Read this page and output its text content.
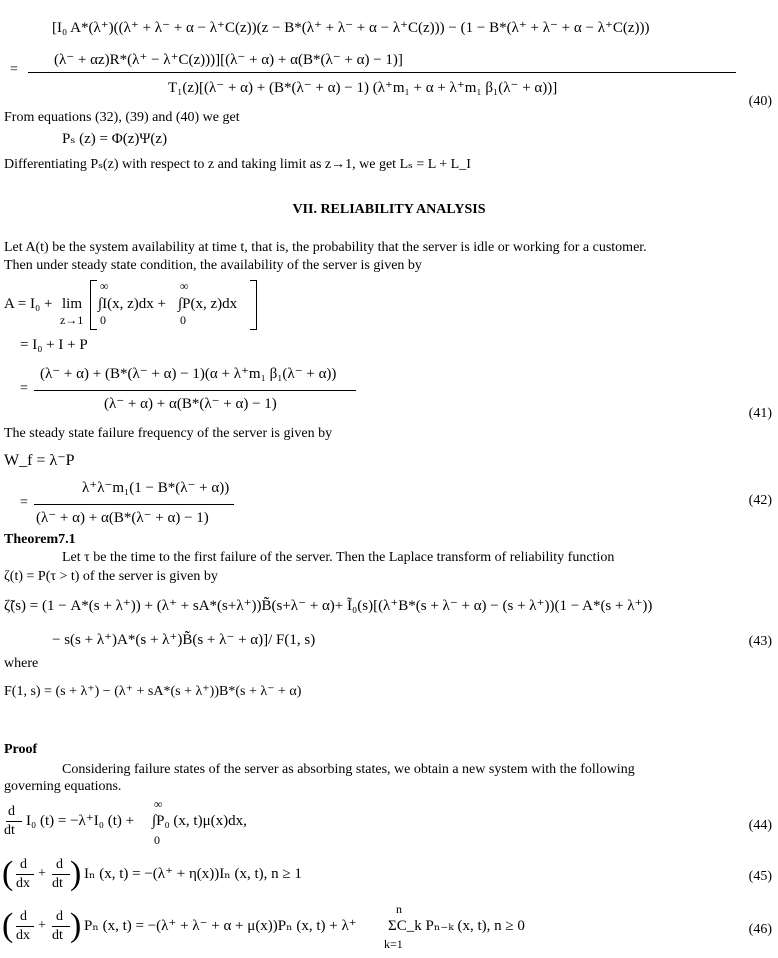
[I₀ A*(λ⁺)((λ⁺ + λ⁻ + α − λ⁺C(z))(z − B*(λ⁺ + λ⁻ + α − λ⁺C(z))) − (1 − B*(λ⁺ + λ⁻ + α − λ⁺C(z)))
=
(λ⁻ + αz)R*(λ⁺ − λ⁺C(z)))][(λ⁻ + α) + α(B*(λ⁻ + α) − 1)]
T₁(z)[(λ⁻ + α) + (B*(λ⁻ + α) − 1) (λ⁺m₁ + α + λ⁺m₁ β₁(λ⁻ + α))]
(40)
From equations (32), (39) and (40) we get
Pₛ (z) = Φ(z)Ψ(z)
Differentiating Pₛ(z) with respect to z and taking limit as z→1, we get Lₛ = L + L_I
VII. RELIABILITY ANALYSIS
Let A(t) be the system availability at time t, that is, the probability that the server is idle or working for a customer.
Then under steady state condition, the availability of the server is given by
A = I₀ + lim
z→1
∞
∫I(x, z)dx +
0
∞
∫P(x, z)dx
0
= I₀ + I + P
=
(λ⁻ + α) + (B*(λ⁻ + α) − 1)(α + λ⁺m₁ β₁(λ⁻ + α))
(λ⁻ + α) + α(B*(λ⁻ + α) − 1)
(41)
The steady state failure frequency of the server is given by
W_f = λ⁻P
=
λ⁺λ⁻m₁(1 − B*(λ⁻ + α))
(λ⁻ + α) + α(B*(λ⁻ + α) − 1)
(42)
Theorem7.1
Let τ be the time to the first failure of the server. Then the Laplace transform of reliability function
ζ(t) = P(τ > t) of the server is given by
ζ̃(s) = (1 − A*(s + λ⁺)) + (λ⁺ + sA*(s+λ⁺))B̃̃(s+λ⁻ + α)+ Ĩ₀(s)[(λ⁺B*(s + λ⁻ + α) − (s + λ⁺))(1 − A*(s + λ⁺))
− s(s + λ⁺)A*(s + λ⁺)B̃̃(s + λ⁻ + α)]/ F(1, s)	(43)
where
F(1, s) = (s + λ⁺) − (λ⁺ + sA*(s + λ⁺))B*(s + λ⁻ + α)
Proof
Considering failure states of the server as absorbing states, we obtain a new system with the following
governing equations.
d
dt
I₀ (t) = −λ⁺I₀ (t) +
∞
∫P₀ (x, t)μ(x)dx,
0
(44)
( d
dx
+
d
dt ) Iₙ (x, t) = −(λ⁺ + η(x))Iₙ (x, t), n ≥ 1	(45)
( d
dx
+
d
dt ) Pₙ (x, t) = −(λ⁺ + λ⁻ + α + μ(x))Pₙ (x, t) + λ⁺
n
ΣC_k Pₙ₋ₖ (x, t), n ≥ 0
k=1
(46)
